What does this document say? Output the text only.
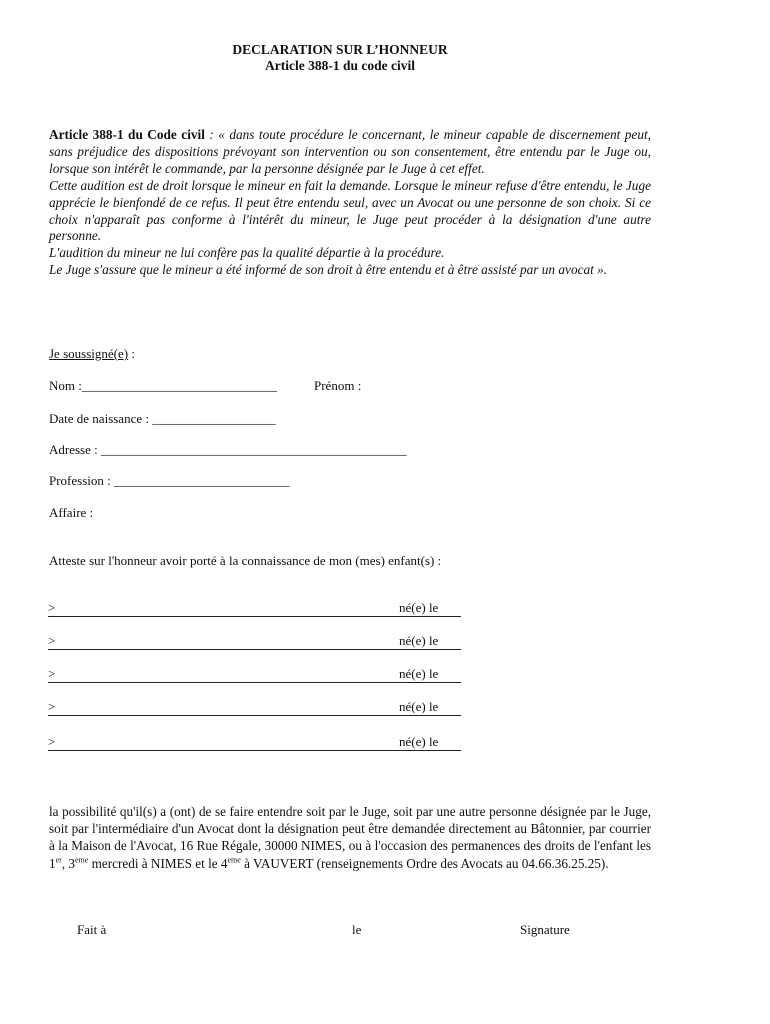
DECLARATION SUR L’HONNEUR
Article 388-1 du code civil

Article 388-1 du Code civil : « dans toute procédure le concernant, le mineur capable de discernement peut, sans préjudice des dispositions prévoyant son intervention ou son consentement, être entendu par le Juge ou, lorsque son intérêt le commande, par la personne désignée par le Juge à cet effet.

Cette audition est de droit lorsque le mineur en fait la demande. Lorsque le mineur refuse d'être entendu, le Juge apprécie le bienfondé de ce refus. Il peut être entendu seul, avec un Avocat ou une personne de son choix. Si ce choix n'apparaît pas conforme à l'intérêt du mineur, le Juge peut procéder à la désignation d'une autre personne.

L'audition du mineur ne lui confère pas la qualité départie à la procédure.

Le Juge s'assure que le mineur a été informé de son droit à être entendu et à être assisté par un avocat ».

Je soussigné(e) :
Nom :______________________________	Prénom :
Date de naissance : ___________________
Adresse : _______________________________________________
Profession : ___________________________
Affaire :
Atteste sur l'honneur avoir porté à la connaissance de mon (mes) enfant(s) :
>	né(e) le
>	né(e) le
>	né(e) le
>	né(e) le
>	né(e) le

la possibilité qu'il(s) a (ont) de se faire entendre soit par le Juge, soit par une autre personne désignée par le Juge, soit par l'intermédiaire d'un Avocat dont la désignation peut être demandée directement au Bâtonnier, par courrier à la Maison de l'Avocat, 16 Rue Régale, 30000 NIMES, ou à l'occasion des permanences des droits de l'enfant les 1er, 3eme mercredi à NIMES et le 4eme à VAUVERT (renseignements Ordre des Avocats au 04.66.36.25.25).

Fait à	le	Signature
